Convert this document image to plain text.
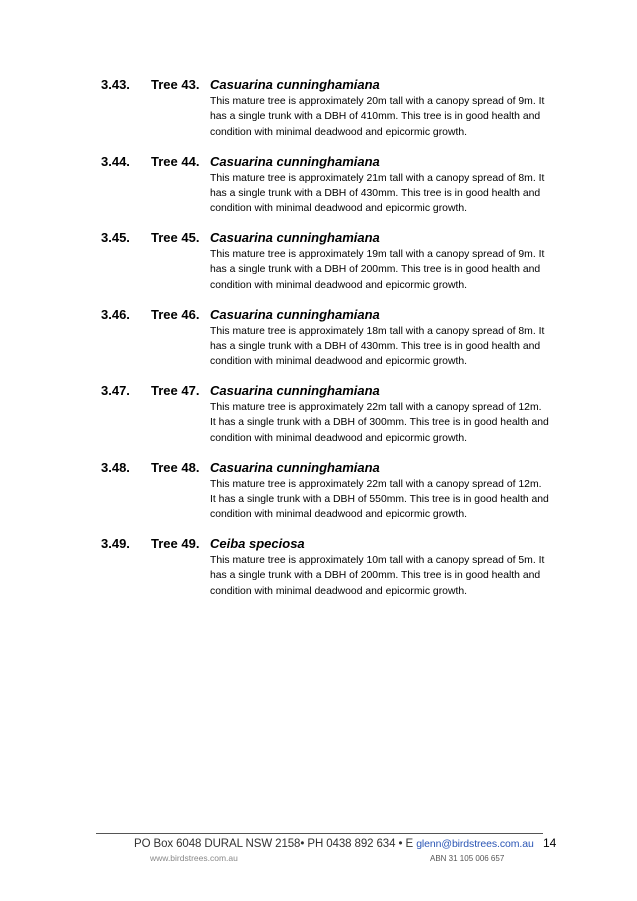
3.43. Tree 43. Casuarina cunninghamiana
This mature tree is approximately 20m tall with a canopy spread of 9m. It
has a single trunk with a DBH of 410mm. This tree is in good health and
condition with minimal deadwood and epicormic growth.
3.44. Tree 44. Casuarina cunninghamiana
This mature tree is approximately 21m tall with a canopy spread of 8m. It
has a single trunk with a DBH of 430mm. This tree is in good health and
condition with minimal deadwood and epicormic growth.
3.45. Tree 45. Casuarina cunninghamiana
This mature tree is approximately 19m tall with a canopy spread of 9m. It
has a single trunk with a DBH of 200mm. This tree is in good health and
condition with minimal deadwood and epicormic growth.
3.46. Tree 46. Casuarina cunninghamiana
This mature tree is approximately 18m tall with a canopy spread of 8m. It
has a single trunk with a DBH of 430mm. This tree is in good health and
condition with minimal deadwood and epicormic growth.
3.47. Tree 47. Casuarina cunninghamiana
This mature tree is approximately 22m tall with a canopy spread of 12m.
It has a single trunk with a DBH of 300mm. This tree is in good health and
condition with minimal deadwood and epicormic growth.
3.48. Tree 48. Casuarina cunninghamiana
This mature tree is approximately 22m tall with a canopy spread of 12m.
It has a single trunk with a DBH of 550mm. This tree is in good health and
condition with minimal deadwood and epicormic growth.
3.49. Tree 49. Ceiba speciosa
This mature tree is approximately 10m tall with a canopy spread of 5m. It
has a single trunk with a DBH of 200mm. This tree is in good health and
condition with minimal deadwood and epicormic growth.
PO Box 6048 DURAL NSW 2158• PH 0438 892 634 • E glenn@birdstrees.com.au
www.birdstrees.com.au	ABN 31 105 006 657
14
